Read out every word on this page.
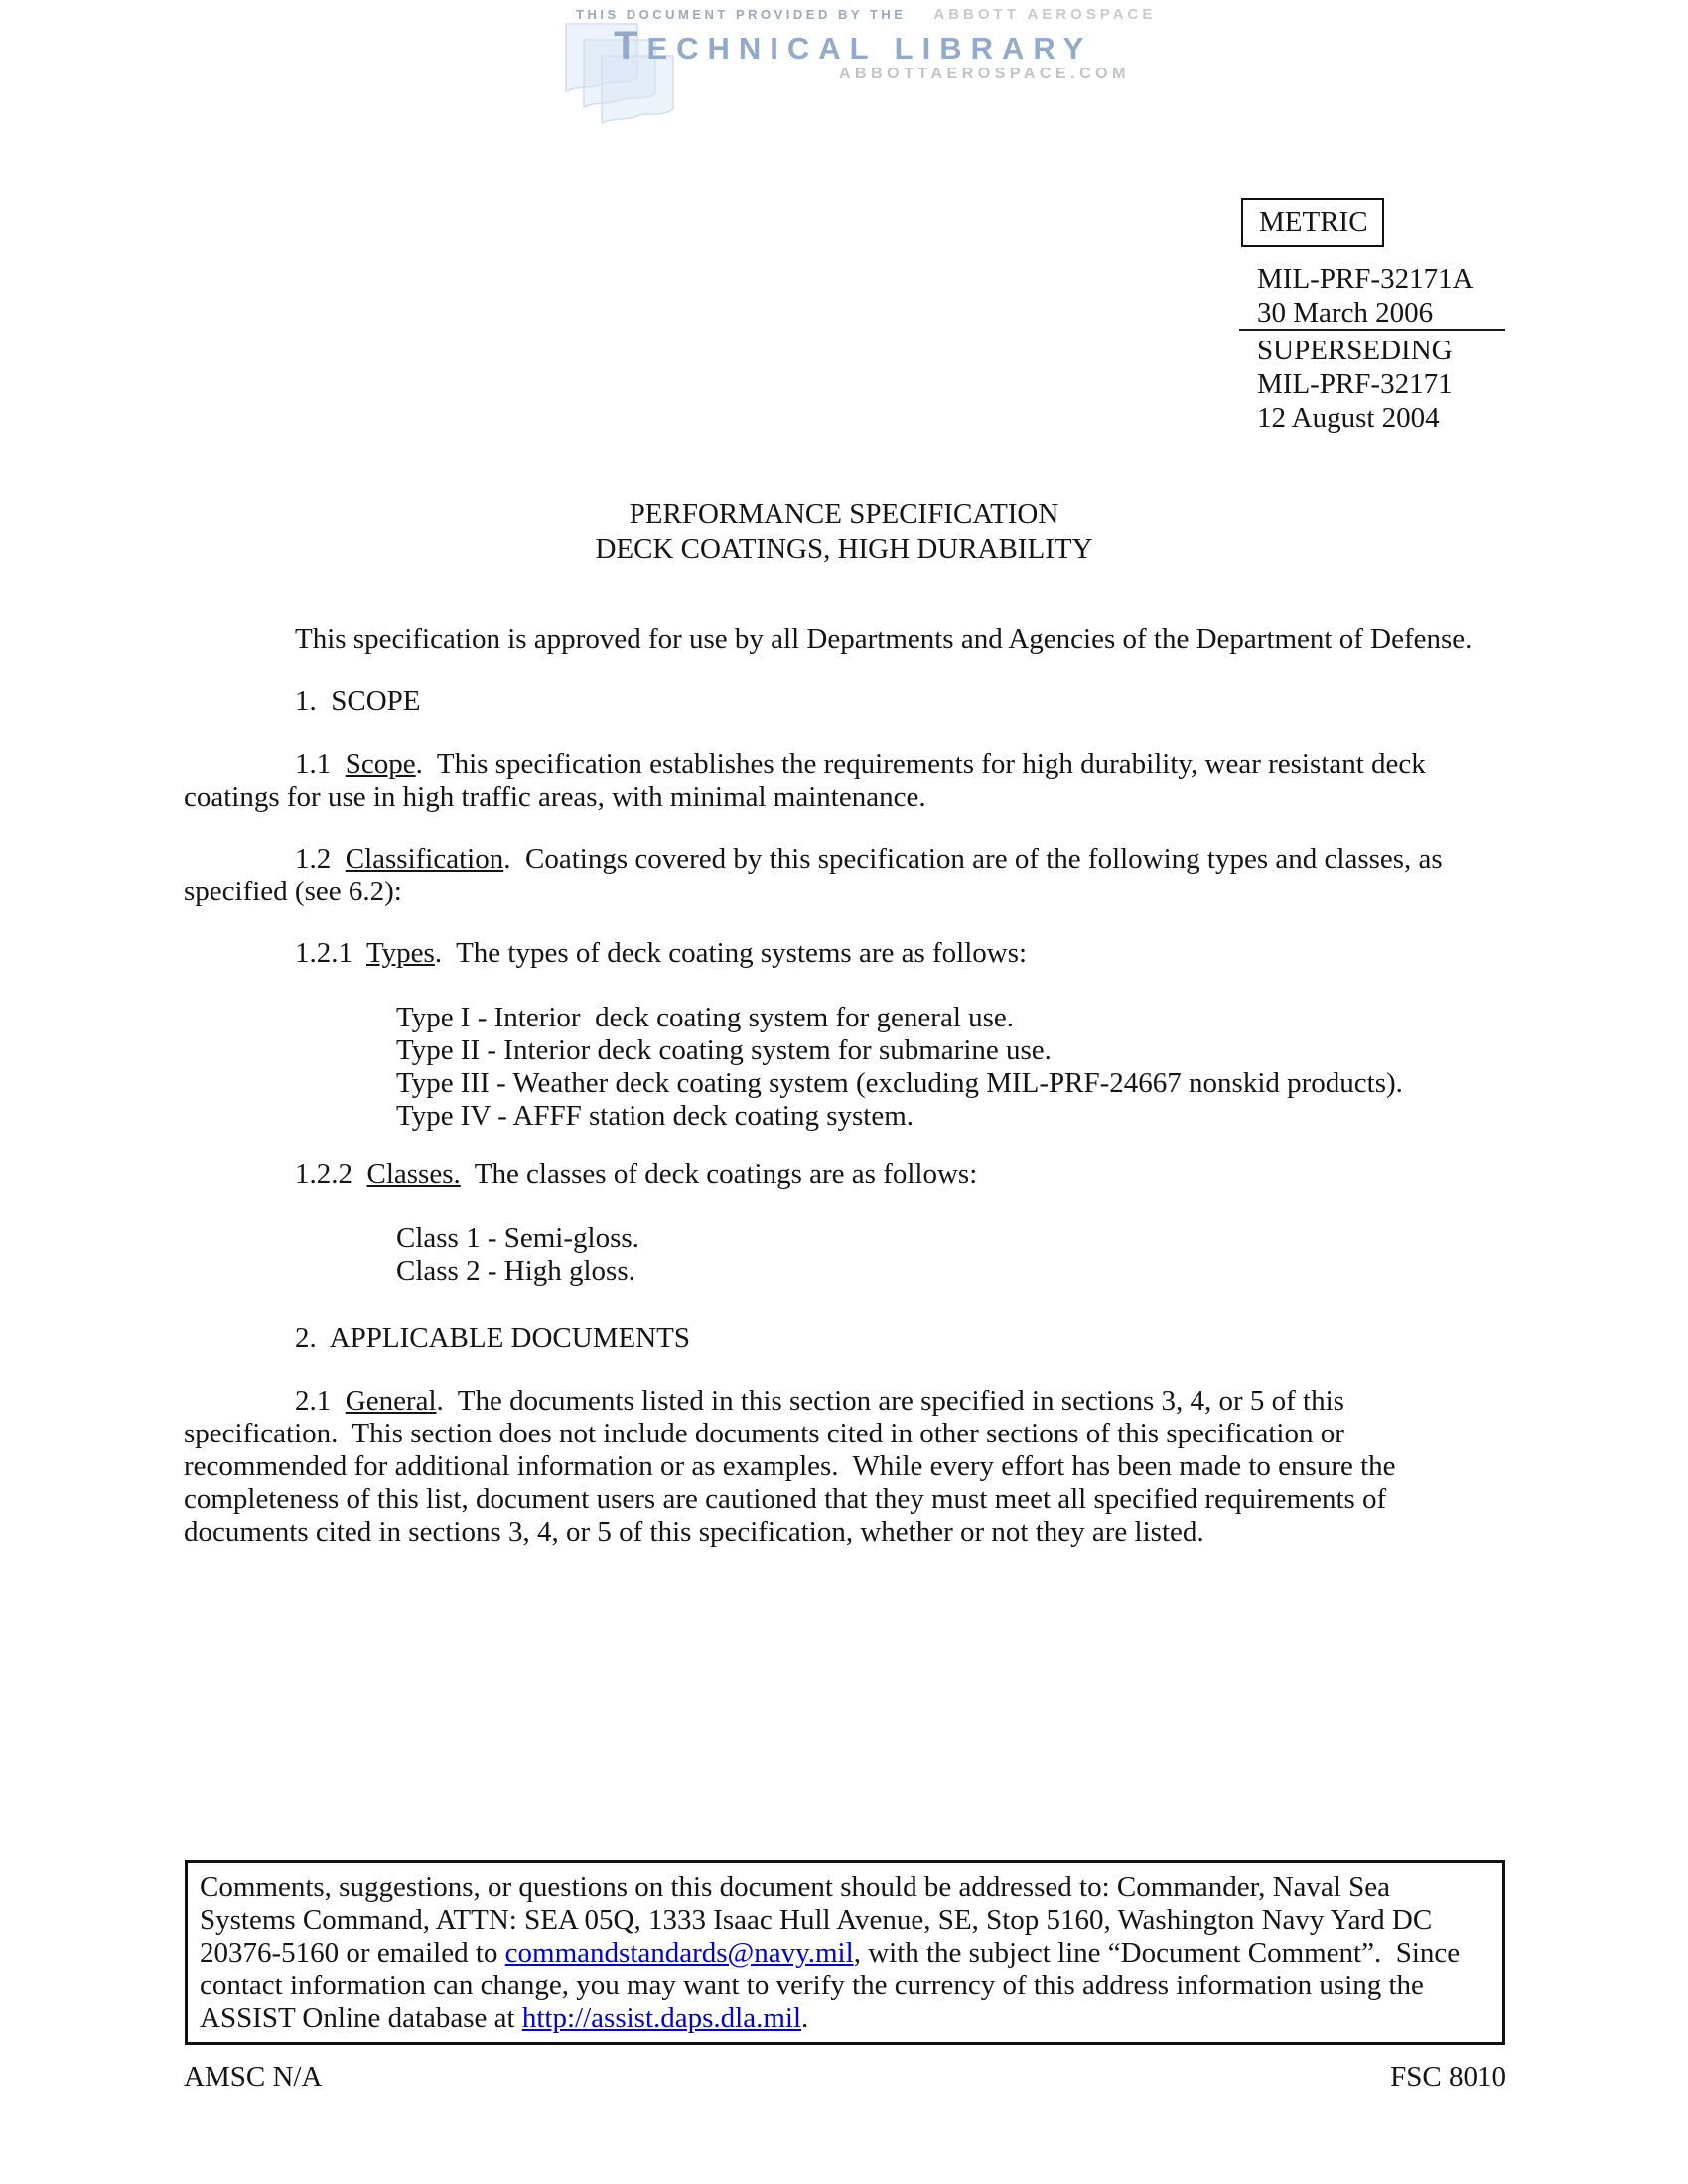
THIS DOCUMENT PROVIDED BY THE ABBOTT AEROSPACE
TECHNICAL LIBRARY
ABBOTTAEROSPACE.COM
METRIC
MIL-PRF-32171A
30 March 2006
SUPERSEDING
MIL-PRF-32171
12 August 2004
PERFORMANCE SPECIFICATION
DECK COATINGS, HIGH DURABILITY
This specification is approved for use by all Departments and Agencies of the Department of Defense.
1.  SCOPE
1.1  Scope.  This specification establishes the requirements for high durability, wear resistant deck coatings for use in high traffic areas, with minimal maintenance.
1.2  Classification.  Coatings covered by this specification are of the following types and classes, as specified (see 6.2):
1.2.1  Types.  The types of deck coating systems are as follows:
Type I - Interior  deck coating system for general use.
Type II - Interior deck coating system for submarine use.
Type III - Weather deck coating system (excluding MIL-PRF-24667 nonskid products).
Type IV - AFFF station deck coating system.
1.2.2  Classes.  The classes of deck coatings are as follows:
Class 1 - Semi-gloss.
Class 2 - High gloss.
2.  APPLICABLE DOCUMENTS
2.1  General.  The documents listed in this section are specified in sections 3, 4, or 5 of this specification.  This section does not include documents cited in other sections of this specification or recommended for additional information or as examples.  While every effort has been made to ensure the completeness of this list, document users are cautioned that they must meet all specified requirements of documents cited in sections 3, 4, or 5 of this specification, whether or not they are listed.
Comments, suggestions, or questions on this document should be addressed to: Commander, Naval Sea Systems Command, ATTN: SEA 05Q, 1333 Isaac Hull Avenue, SE, Stop 5160, Washington Navy Yard DC 20376-5160 or emailed to commandstandards@navy.mil, with the subject line “Document Comment”.  Since contact information can change, you may want to verify the currency of this address information using the ASSIST Online database at http://assist.daps.dla.mil.
AMSC N/A	FSC 8010
